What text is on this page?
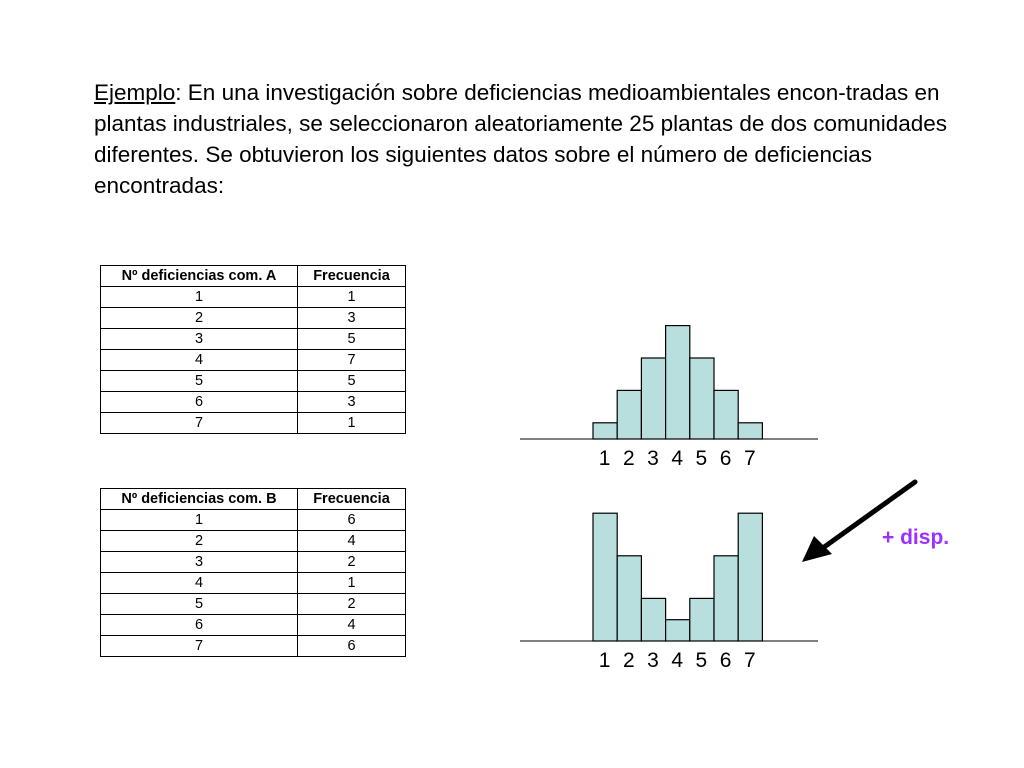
Ejemplo: En una investigación sobre deficiencias medioambientales encon-tradas en plantas industriales, se seleccionaron aleatoriamente 25 plantas de dos comunidades diferentes. Se obtuvieron los siguientes datos sobre el número de deficiencias encontradas:

Nº deficiencias com. A	Frecuencia
1	1
2	3
3	5
4	7
5	5
6	3
7	1
Nº deficiencias com. B	Frecuencia
1	6
2	4
3	2
4	1
5	2
6	4
7	6
1 2 3 4 5 6 7
1 2 3 4 5 6 7
+ disp.
